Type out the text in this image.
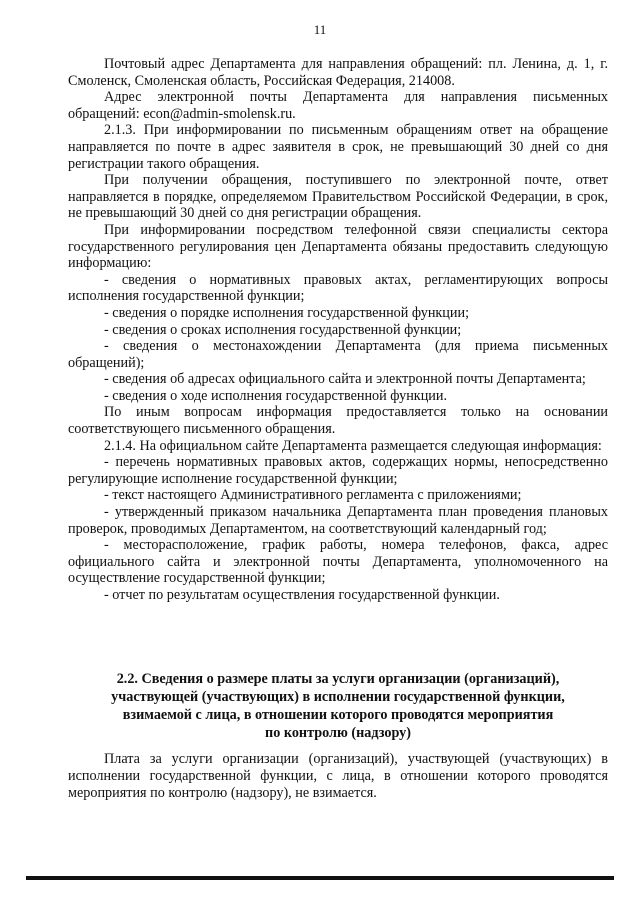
11

Почтовый адрес Департамента для направления обращений: пл. Ленина, д. 1, г. Смоленск, Смоленская область, Российская Федерация, 214008.

Адрес электронной почты Департамента для направления письменных обращений: econ@admin-smolensk.ru.

2.1.3. При информировании по письменным обращениям ответ на обращение направляется по почте в адрес заявителя в срок, не превышающий 30 дней со дня регистрации такого обращения.

При получении обращения, поступившего по электронной почте, ответ направляется в порядке, определяемом Правительством Российской Федерации, в срок, не превышающий 30 дней со дня регистрации обращения.

При информировании посредством телефонной связи специалисты сектора государственного регулирования цен Департамента обязаны предоставить следующую информацию:

- сведения о нормативных правовых актах, регламентирующих вопросы исполнения государственной функции;

- сведения о порядке исполнения государственной функции;

- сведения о сроках исполнения государственной функции;

- сведения о местонахождении Департамента (для приема письменных обращений);

- сведения об адресах официального сайта и электронной почты Департамента;

- сведения о ходе исполнения государственной функции.

По иным вопросам информация предоставляется только на основании соответствующего письменного обращения.

2.1.4. На официальном сайте Департамента размещается следующая информация:

- перечень нормативных правовых актов, содержащих нормы, непосредственно регулирующие исполнение государственной функции;

- текст настоящего Административного регламента с приложениями;

- утвержденный приказом начальника Департамента план проведения плановых проверок, проводимых Департаментом, на соответствующий календарный год;

- месторасположение, график работы, номера телефонов, факса, адрес официального сайта и электронной почты Департамента, уполномоченного на осуществление государственной функции;

- отчет по результатам осуществления государственной функции.

2.2. Сведения о размере платы за услуги организации (организаций),
участвующей (участвующих) в исполнении государственной функции,
взимаемой с лица, в отношении которого проводятся мероприятия
по контролю (надзору)

Плата за услуги организации (организаций), участвующей (участвующих) в исполнении государственной функции, с лица, в отношении которого проводятся мероприятия по контролю (надзору), не взимается.
